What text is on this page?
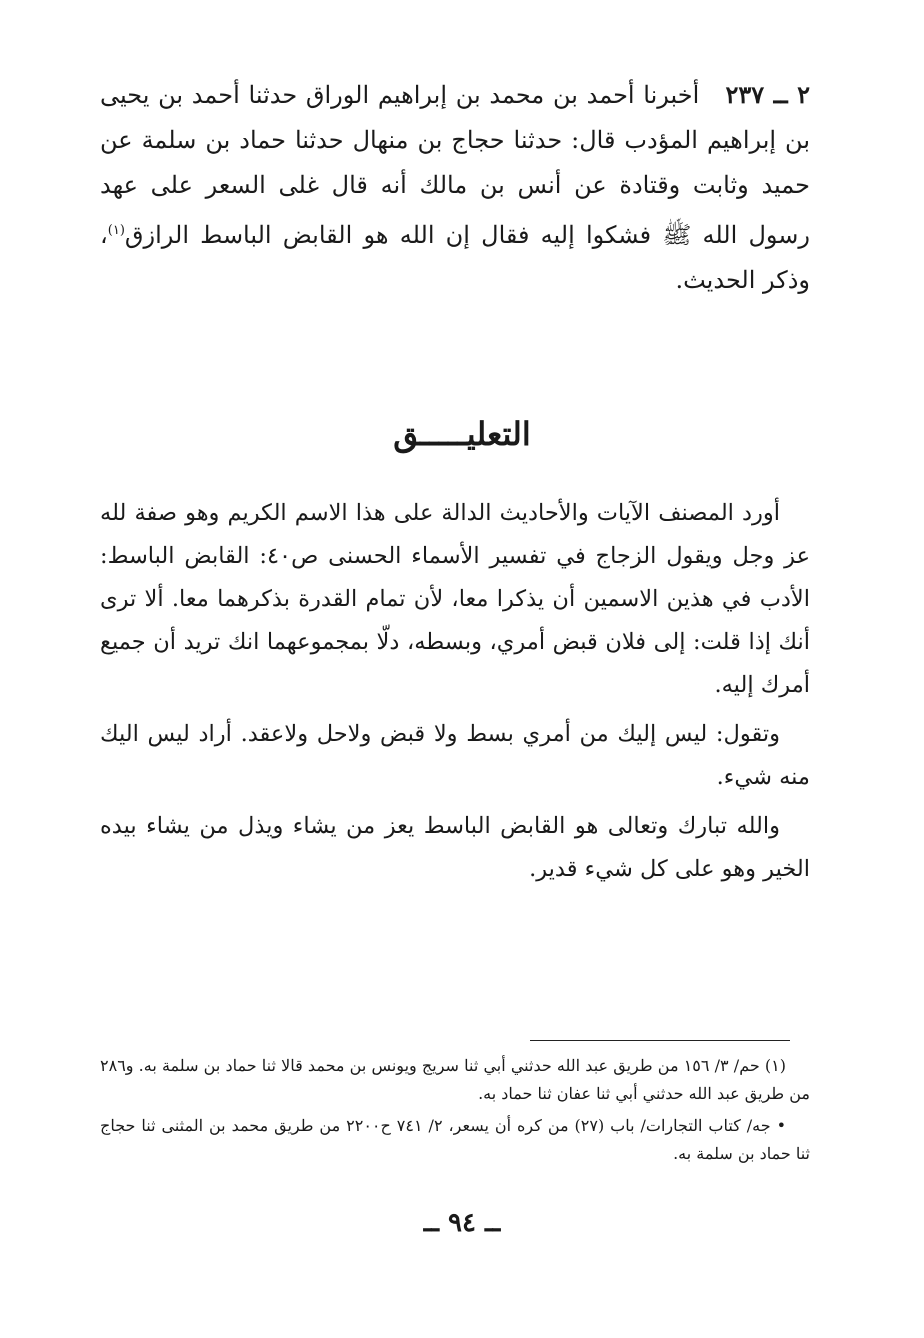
٢ ــ ٢٣٧   أخبرنا أحمد بن محمد بن إبراهيم الوراق حدثنا أحمد بن يحيى بن إبراهيم المؤدب قال: حدثنا حجاج بن منهال حدثنا حماد بن سلمة عن حميد وثابت وقتادة عن أنس بن مالك أنه قال غلى السعر على عهد رسول الله ﷺ فشكوا إليه فقال إن الله هو القابض الباسط الرازق$^{(١)}$، وذكر الحديث.
التعليـــــق

أورد المصنف الآيات والأحاديث الدالة على هذا الاسم الكريم وهو صفة لله عز وجل ويقول الزجاج في تفسير الأسماء الحسنى ص٤٠: القابض الباسط: الأدب في هذين الاسمين أن يذكرا معا، لأن تمام القدرة بذكرهما معا. ألا ترى أنك إذا قلت: إلى فلان قبض أمري، وبسطه، دلّا بمجموعهما انك تريد أن جميع أمرك إليه.

وتقول: ليس إليك من أمري بسط ولا قبض ولاحل ولاعقد. أراد ليس اليك منه شيء.

والله تبارك وتعالى هو القابض الباسط يعز من يشاء ويذل من يشاء بيده الخير وهو على كل شيء قدير.

(١) حم/ ٣/ ١٥٦ من طريق عبد الله حدثني أبي ثنا سريج ويونس بن محمد قالا ثنا حماد بن سلمة به. و٢٨٦ من طريق عبد الله حدثني أبي ثنا عفان ثنا حماد به.

• جه/ كتاب التجارات/ باب (٢٧) من كره أن يسعر، ٢/ ٧٤١ ح٢٢٠٠ من طريق محمد بن المثنى ثنا حجاج ثنا حماد بن سلمة به.

ــ ٩٤ ــ
